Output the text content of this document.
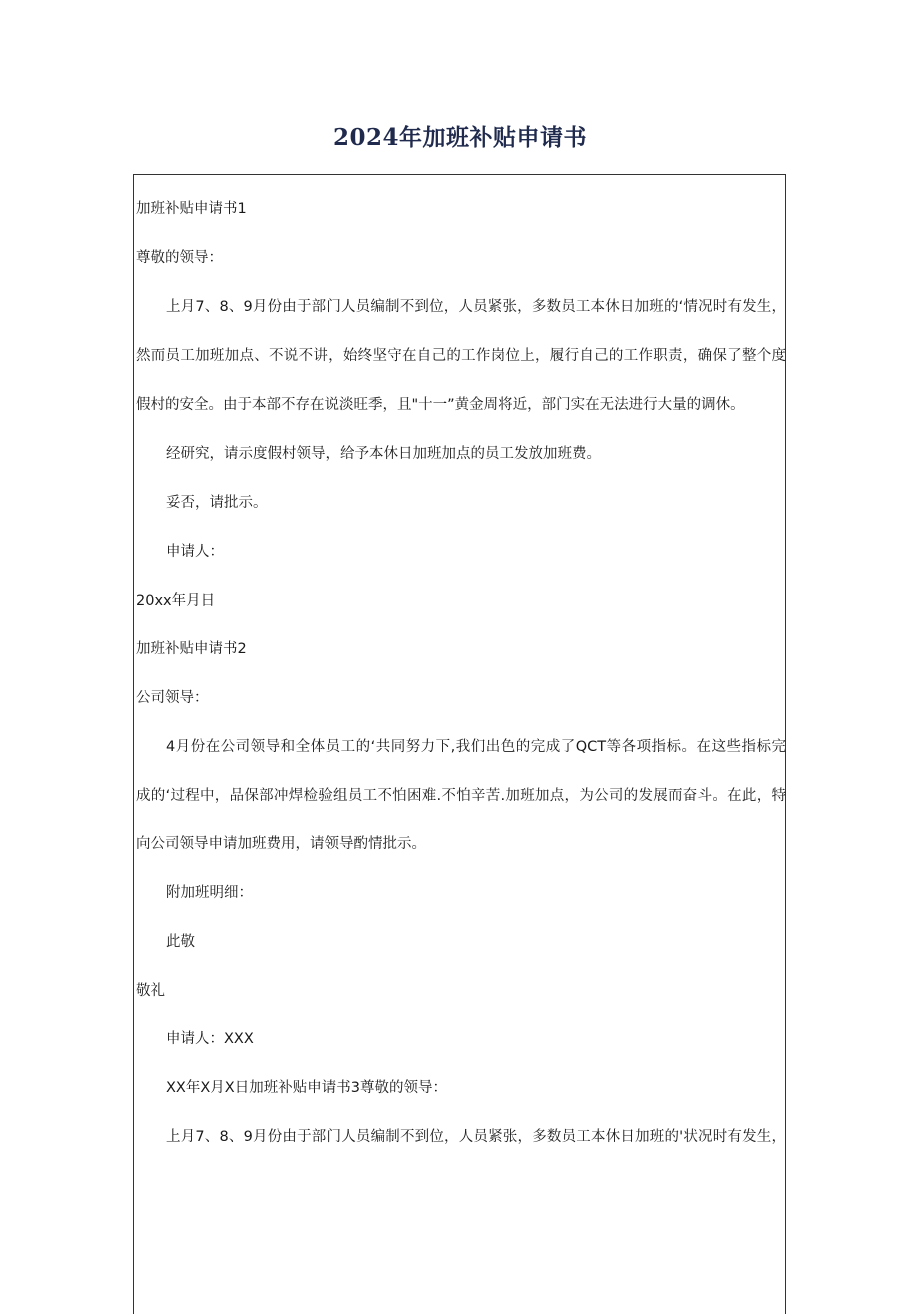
2024年加班补贴申请书
加班补贴申请书1
尊敬的领导：
上月7、8、9月份由于部门人员编制不到位，人员紧张，多数员工本休日加班的‘情况时有发生，
然而员工加班加点、不说不讲，始终坚守在自己的工作岗位上，履行自己的工作职责，确保了整个度
假村的安全。由于本部不存在说淡旺季，且"十一”黄金周将近，部门实在无法进行大量的调休。
经研究，请示度假村领导，给予本休日加班加点的员工发放加班费。
妥否，请批示。
申请人：
20xx年月日
加班补贴申请书2
公司领导：
4月份在公司领导和全体员工的‘共同努力下,我们出色的完成了QCT等各项指标。在这些指标完
成的‘过程中，品保部冲焊检验组员工不怕困难.不怕辛苦.加班加点，为公司的发展而奋斗。在此，特
向公司领导申请加班费用，请领导酌情批示。
附加班明细：
此敬
敬礼
申请人：XXX
XX年X月X日加班补贴申请书3尊敬的领导：
上月7、8、9月份由于部门人员编制不到位，人员紧张，多数员工本休日加班的'状况时有发生，
